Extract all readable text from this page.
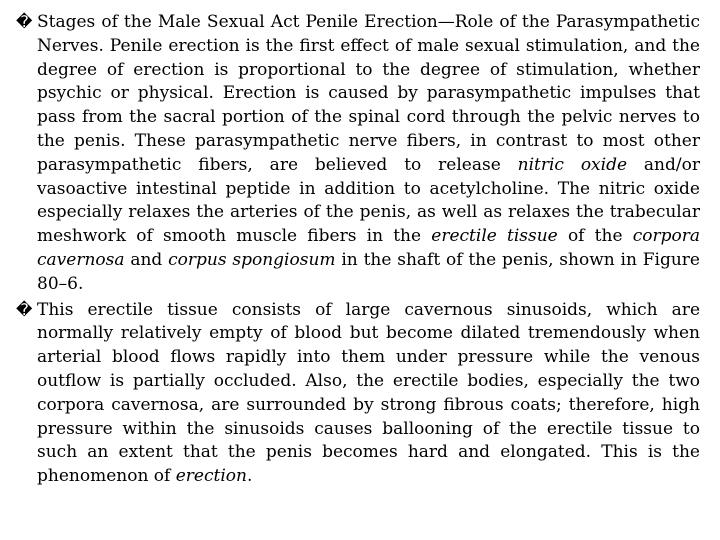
� Stages of the Male Sexual Act Penile Erection—Role of the Parasympathetic Nerves. Penile erection is the first effect of male sexual stimulation, and the degree of erection is proportional to the degree of stimulation, whether psychic or physical. Erection is caused by parasympathetic impulses that pass from the sacral portion of the spinal cord through the pelvic nerves to the penis. These parasympathetic nerve fibers, in contrast to most other parasympathetic fibers, are believed to release nitric oxide and/or vasoactive intestinal peptide in addition to acetylcholine. The nitric oxide especially relaxes the arteries of the penis, as well as relaxes the trabecular meshwork of smooth muscle fibers in the erectile tissue of the corpora cavernosa and corpus spongiosum in the shaft of the penis, shown in Figure 80–6.

� This erectile tissue consists of large cavernous sinusoids, which are normally relatively empty of blood but become dilated tremendously when arterial blood flows rapidly into them under pressure while the venous outflow is partially occluded. Also, the erectile bodies, especially the two corpora cavernosa, are surrounded by strong fibrous coats; therefore, high pressure within the sinusoids causes ballooning of the erectile tissue to such an extent that the penis becomes hard and elongated. This is the phenomenon of erection.
